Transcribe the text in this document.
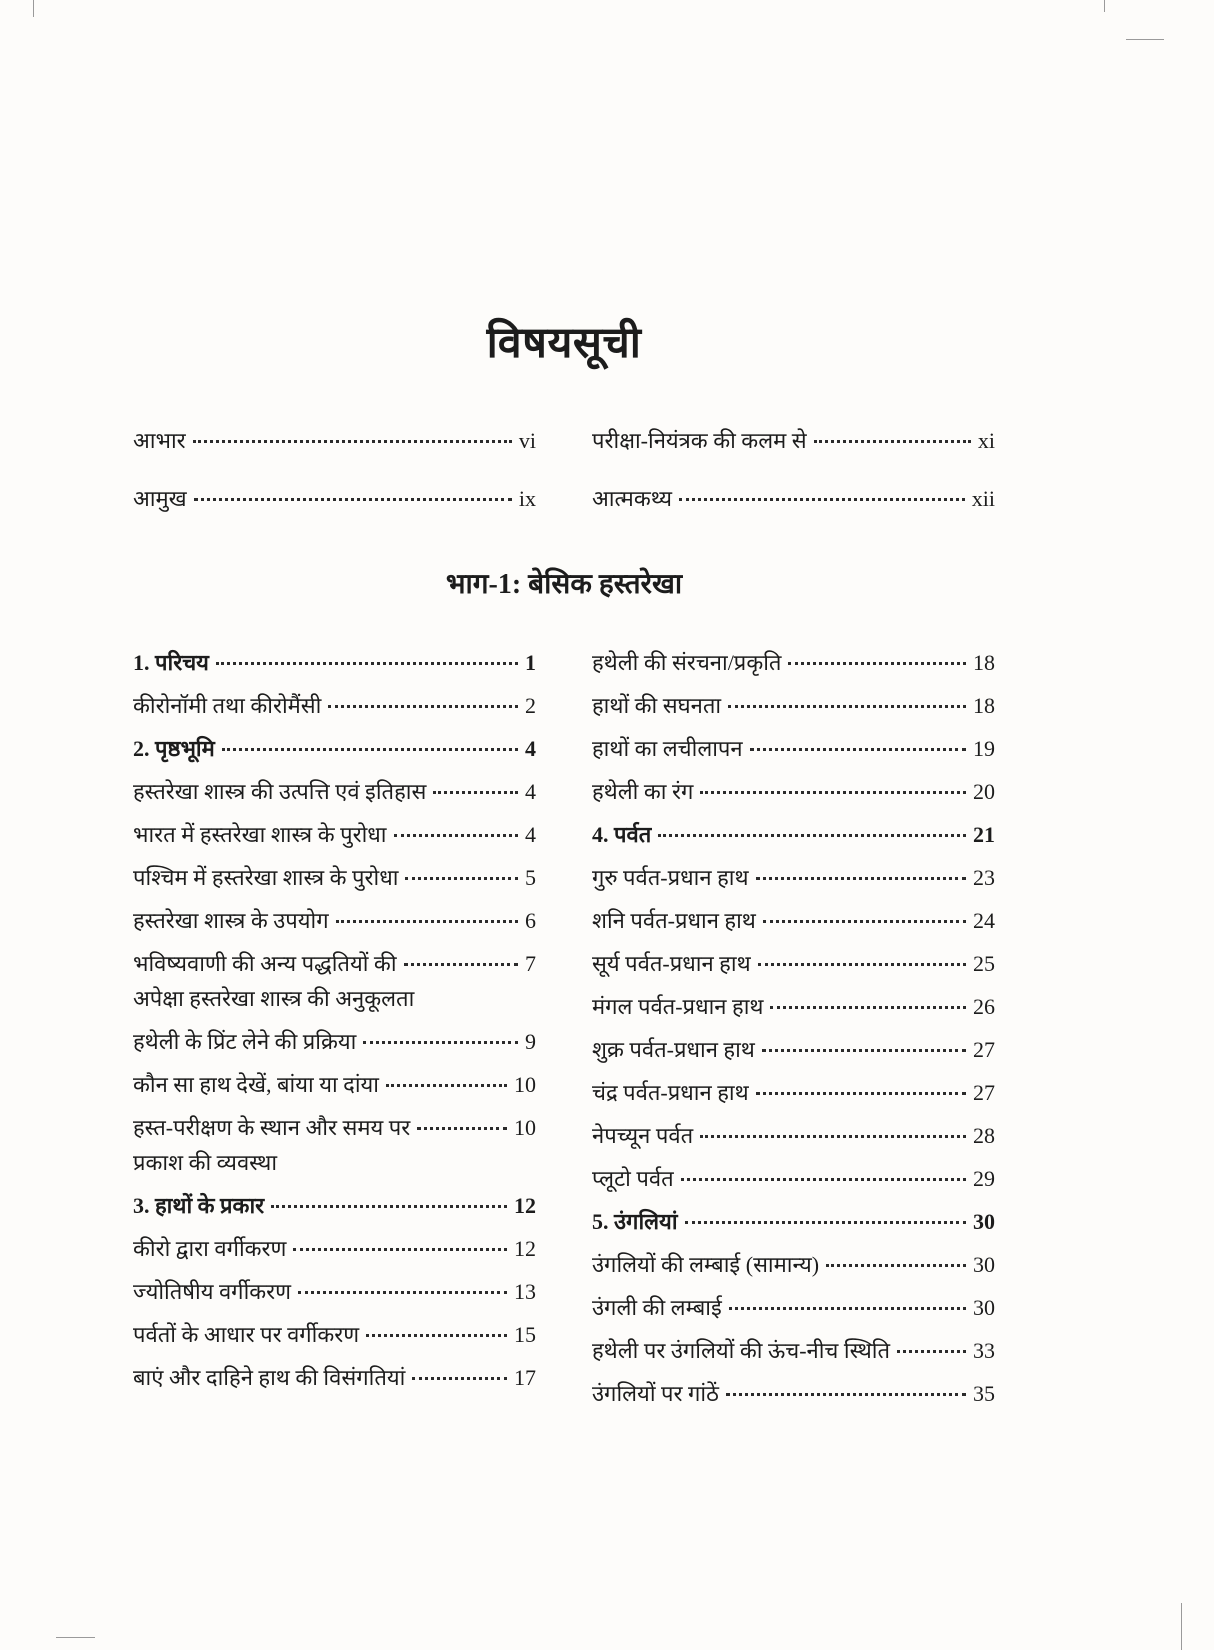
विषयसूची
आभार	vi
आमुख	ix
परीक्षा-नियंत्रक की कलम से	xi
आत्मकथ्य	xii
भाग-1: बेसिक हस्तरेखा
1. परिचय	1
कीरोनॉमी तथा कीरोमैंसी	2
2. पृष्ठभूमि	4
हस्तरेखा शास्त्र की उत्पत्ति एवं इतिहास	4
भारत में हस्तरेखा शास्त्र के पुरोधा	4
पश्चिम में हस्तरेखा शास्त्र के पुरोधा	5
हस्तरेखा शास्त्र के उपयोग	6
भविष्यवाणी की अन्य पद्धतियों की	7
अपेक्षा हस्तरेखा शास्त्र की अनुकूलता
हथेली के प्रिंट लेने की प्रक्रिया	9
कौन सा हाथ देखें, बांया या दांया	10
हस्त-परीक्षण के स्थान और समय पर	10
प्रकाश की व्यवस्था
3. हाथों के प्रकार	12
कीरो द्वारा वर्गीकरण	12
ज्योतिषीय वर्गीकरण	13
पर्वतों के आधार पर वर्गीकरण	15
बाएं और दाहिने हाथ की विसंगतियां	17
हथेली की संरचना/प्रकृति	18
हाथों की सघनता	18
हाथों का लचीलापन	19
हथेली का रंग	20
4. पर्वत	21
गुरु पर्वत-प्रधान हाथ	23
शनि पर्वत-प्रधान हाथ	24
सूर्य पर्वत-प्रधान हाथ	25
मंगल पर्वत-प्रधान हाथ	26
शुक्र पर्वत-प्रधान हाथ	27
चंद्र पर्वत-प्रधान हाथ	27
नेपच्यून पर्वत	28
प्लूटो पर्वत	29
5. उंगलियां	30
उंगलियों की लम्बाई (सामान्य)	30
उंगली की लम्बाई	30
हथेली पर उंगलियों की ऊंच-नीच स्थिति	33
उंगलियों पर गांठें	35
